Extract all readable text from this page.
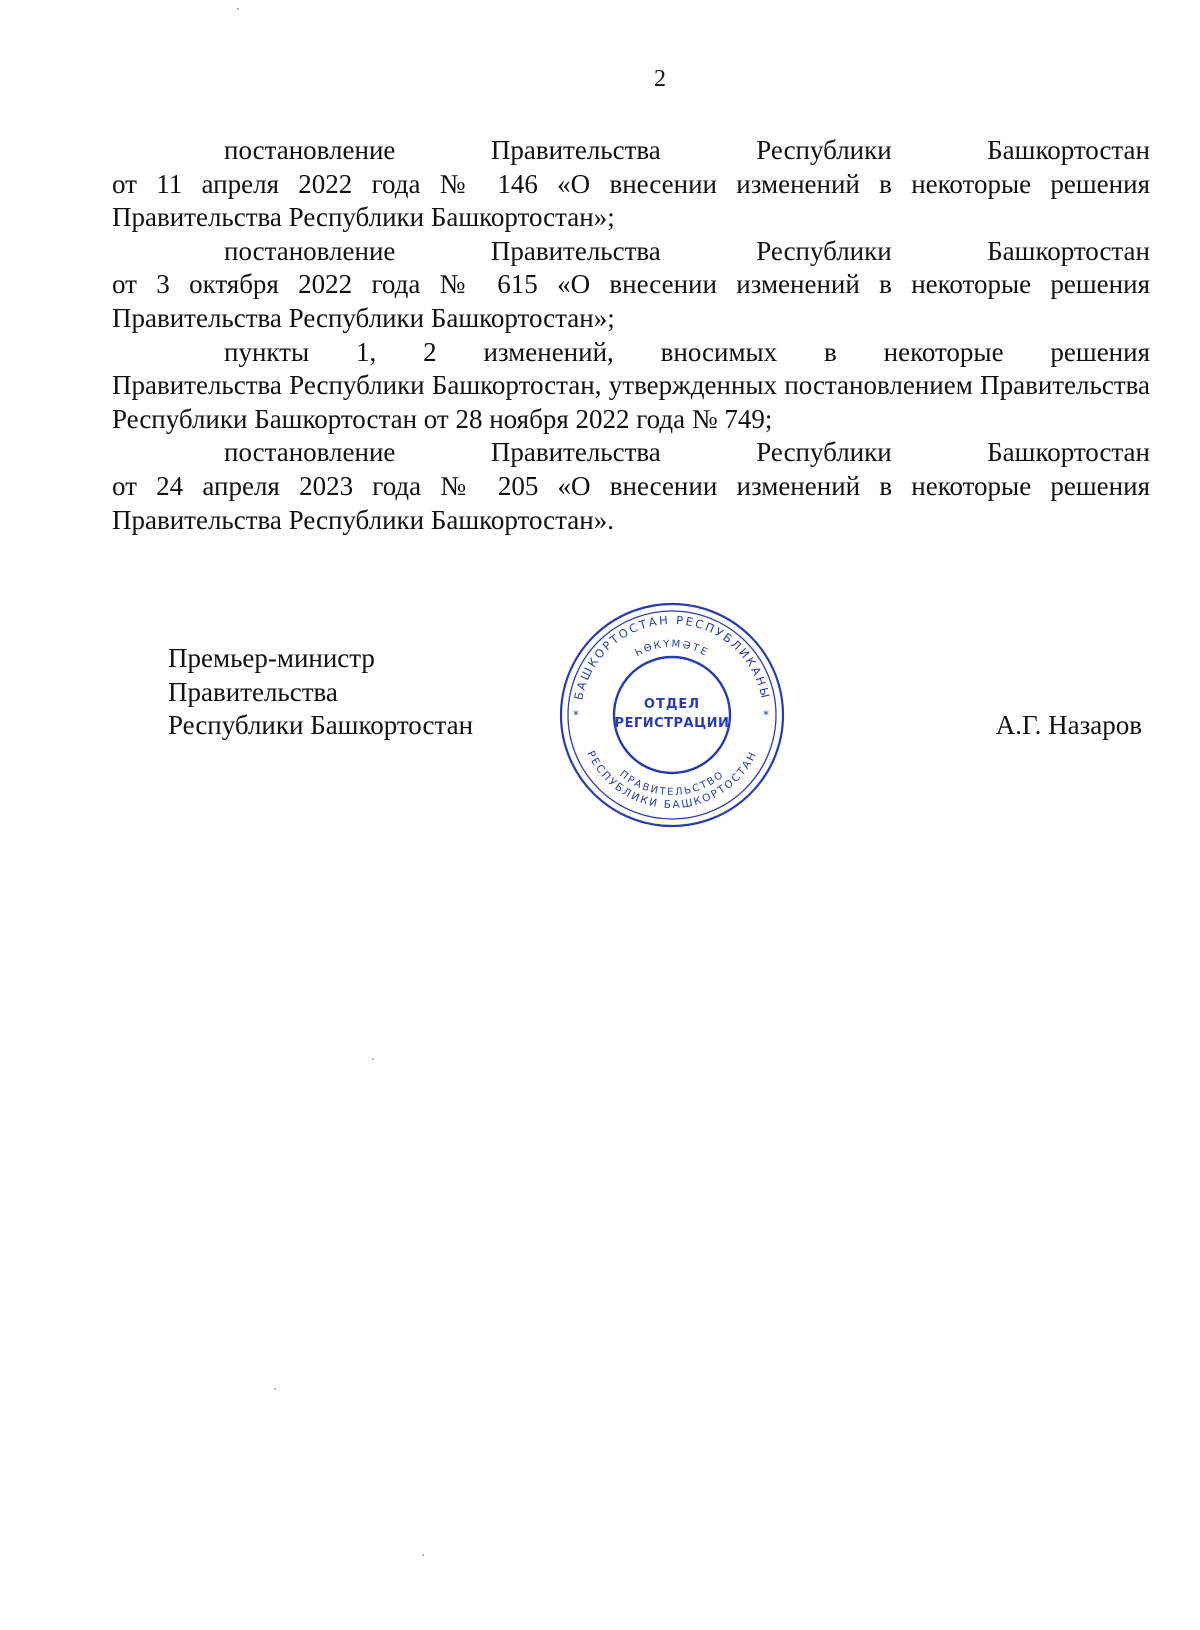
2

постановление Правительства Республики Башкортостан
от 11 апреля 2022 года № 146 «О внесении изменений в некоторые решения Правительства Республики Башкортостан»;

постановление Правительства Республики Башкортостан
от 3 октября 2022 года № 615 «О внесении изменений в некоторые решения Правительства Республики Башкортостан»;

пункты 1, 2 изменений, вносимых в некоторые решения
Правительства Республики Башкортостан, утвержденных постановлением Правительства Республики Башкортостан от 28 ноября 2022 года № 749;

постановление Правительства Республики Башкортостан
от 24 апреля 2023 года № 205 «О внесении изменений в некоторые решения Правительства Республики Башкортостан».

Премьер-министр
Правительства
Республики Башкортостан	А.Г. Назаров
БАШКОРТОСТАН РЕСПУБЛИКАНЫ
ҺӨКҮМӘТЕ
ПРАВИТЕЛЬСТВО
РЕСПУБЛИКИ БАШКОРТОСТАН
*	*
ОТДЕЛ
РЕГИСТРАЦИИ
